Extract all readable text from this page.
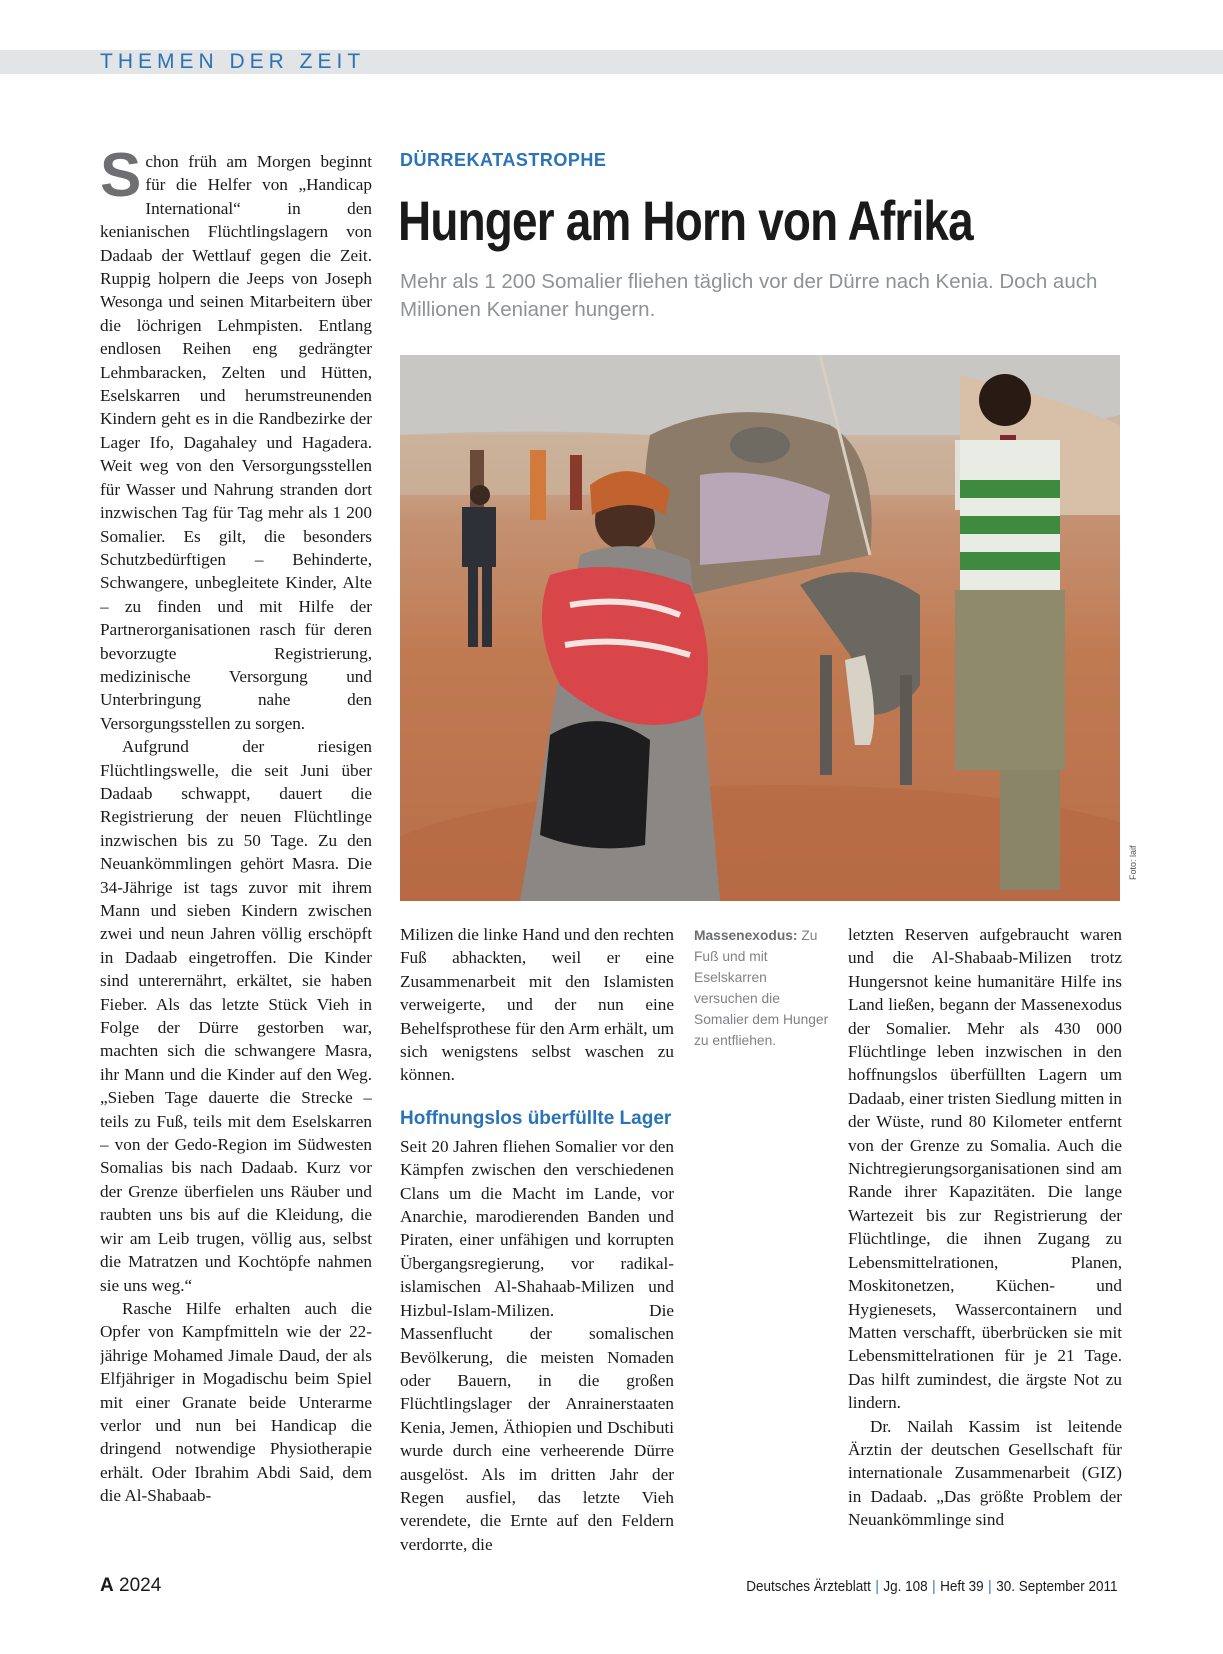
THEMEN DER ZEIT

Schon früh am Morgen beginnt für die Helfer von „Handicap International“ in den kenianischen Flüchtlingslagern von Dadaab der Wettlauf gegen die Zeit. Ruppig holpern die Jeeps von Joseph Wesonga und seinen Mitarbeitern über die löchrigen Lehmpisten. Entlang endlosen Reihen eng gedrängter Lehmbaracken, Zelten und Hütten, Eselskarren und herumstreunenden Kindern geht es in die Randbezirke der Lager Ifo, Dagahaley und Hagadera. Weit weg von den Versorgungsstellen für Wasser und Nahrung stranden dort inzwischen Tag für Tag mehr als 1 200 Somalier. Es gilt, die besonders Schutzbedürftigen – Behinderte, Schwangere, unbegleitete Kinder, Alte – zu finden und mit Hilfe der Partnerorganisationen rasch für deren bevorzugte Registrierung, medizinische Versorgung und Unterbringung nahe den Versorgungsstellen zu sorgen.

Aufgrund der riesigen Flüchtlingswelle, die seit Juni über Dadaab schwappt, dauert die Registrierung der neuen Flüchtlinge inzwischen bis zu 50 Tage. Zu den Neuankömmlingen gehört Masra. Die 34-Jährige ist tags zuvor mit ihrem Mann und sieben Kindern zwischen zwei und neun Jahren völlig erschöpft in Dadaab eingetroffen. Die Kinder sind unterernährt, erkältet, sie haben Fieber. Als das letzte Stück Vieh in Folge der Dürre gestorben war, machten sich die schwangere Masra, ihr Mann und die Kinder auf den Weg. „Sieben Tage dauerte die Strecke – teils zu Fuß, teils mit dem Eselskarren – von der Gedo-Region im Südwesten Somalias bis nach Dadaab. Kurz vor der Grenze überfielen uns Räuber und raubten uns bis auf die Kleidung, die wir am Leib trugen, völlig aus, selbst die Matratzen und Kochtöpfe nahmen sie uns weg.“

Rasche Hilfe erhalten auch die Opfer von Kampfmitteln wie der 22-jährige Mohamed Jimale Daud, der als Elfjähriger in Mogadischu beim Spiel mit einer Granate beide Unterarme verlor und nun bei Handicap die dringend notwendige Physiotherapie erhält. Oder Ibrahim Abdi Said, dem die Al-Shabaab-

DÜRREKATASTROPHE
Hunger am Horn von Afrika
Mehr als 1 200 Somalier fliehen täglich vor der Dürre nach Kenia. Doch auch Millionen Kenianer hungern.
Foto: laif
Massenexodus: Zu Fuß und mit Eselskarren versuchen die Somalier dem Hunger zu entfliehen.

Milizen die linke Hand und den rechten Fuß abhackten, weil er eine Zusammenarbeit mit den Islamisten verweigerte, und der nun eine Behelfsprothese für den Arm erhält, um sich wenigstens selbst waschen zu können.

Hoffnungslos überfüllte Lager

Seit 20 Jahren fliehen Somalier vor den Kämpfen zwischen den verschiedenen Clans um die Macht im Lande, vor Anarchie, marodierenden Banden und Piraten, einer unfähigen und korrupten Übergangsregierung, vor radikal-islamischen Al-Shahaab-Milizen und Hizbul-Islam-Milizen. Die Massenflucht der somalischen Bevölkerung, die meisten Nomaden oder Bauern, in die großen Flüchtlingslager der Anrainerstaaten Kenia, Jemen, Äthiopien und Dschibuti wurde durch eine verheerende Dürre ausgelöst. Als im dritten Jahr der Regen ausfiel, das letzte Vieh verendete, die Ernte auf den Feldern verdorrte, die

letzten Reserven aufgebraucht waren und die Al-Shabaab-Milizen trotz Hungersnot keine humanitäre Hilfe ins Land ließen, begann der Massenexodus der Somalier. Mehr als 430 000 Flüchtlinge leben inzwischen in den hoffnungslos überfüllten Lagern um Dadaab, einer tristen Siedlung mitten in der Wüste, rund 80 Kilometer entfernt von der Grenze zu Somalia. Auch die Nichtregierungsorganisationen sind am Rande ihrer Kapazitäten. Die lange Wartezeit bis zur Registrierung der Flüchtlinge, die ihnen Zugang zu Lebensmittelrationen, Planen, Moskitonetzen, Küchen- und Hygienesets, Wassercontainern und Matten verschafft, überbrücken sie mit Lebensmittelrationen für je 21 Tage. Das hilft zumindest, die ärgste Not zu lindern.

Dr. Nailah Kassim ist leitende Ärztin der deutschen Gesellschaft für internationale Zusammenarbeit (GIZ) in Dadaab. „Das größte Problem der Neuankömmlinge sind

A 2024	Deutsches Ärzteblatt | Jg. 108 | Heft 39 | 30. September 2011
